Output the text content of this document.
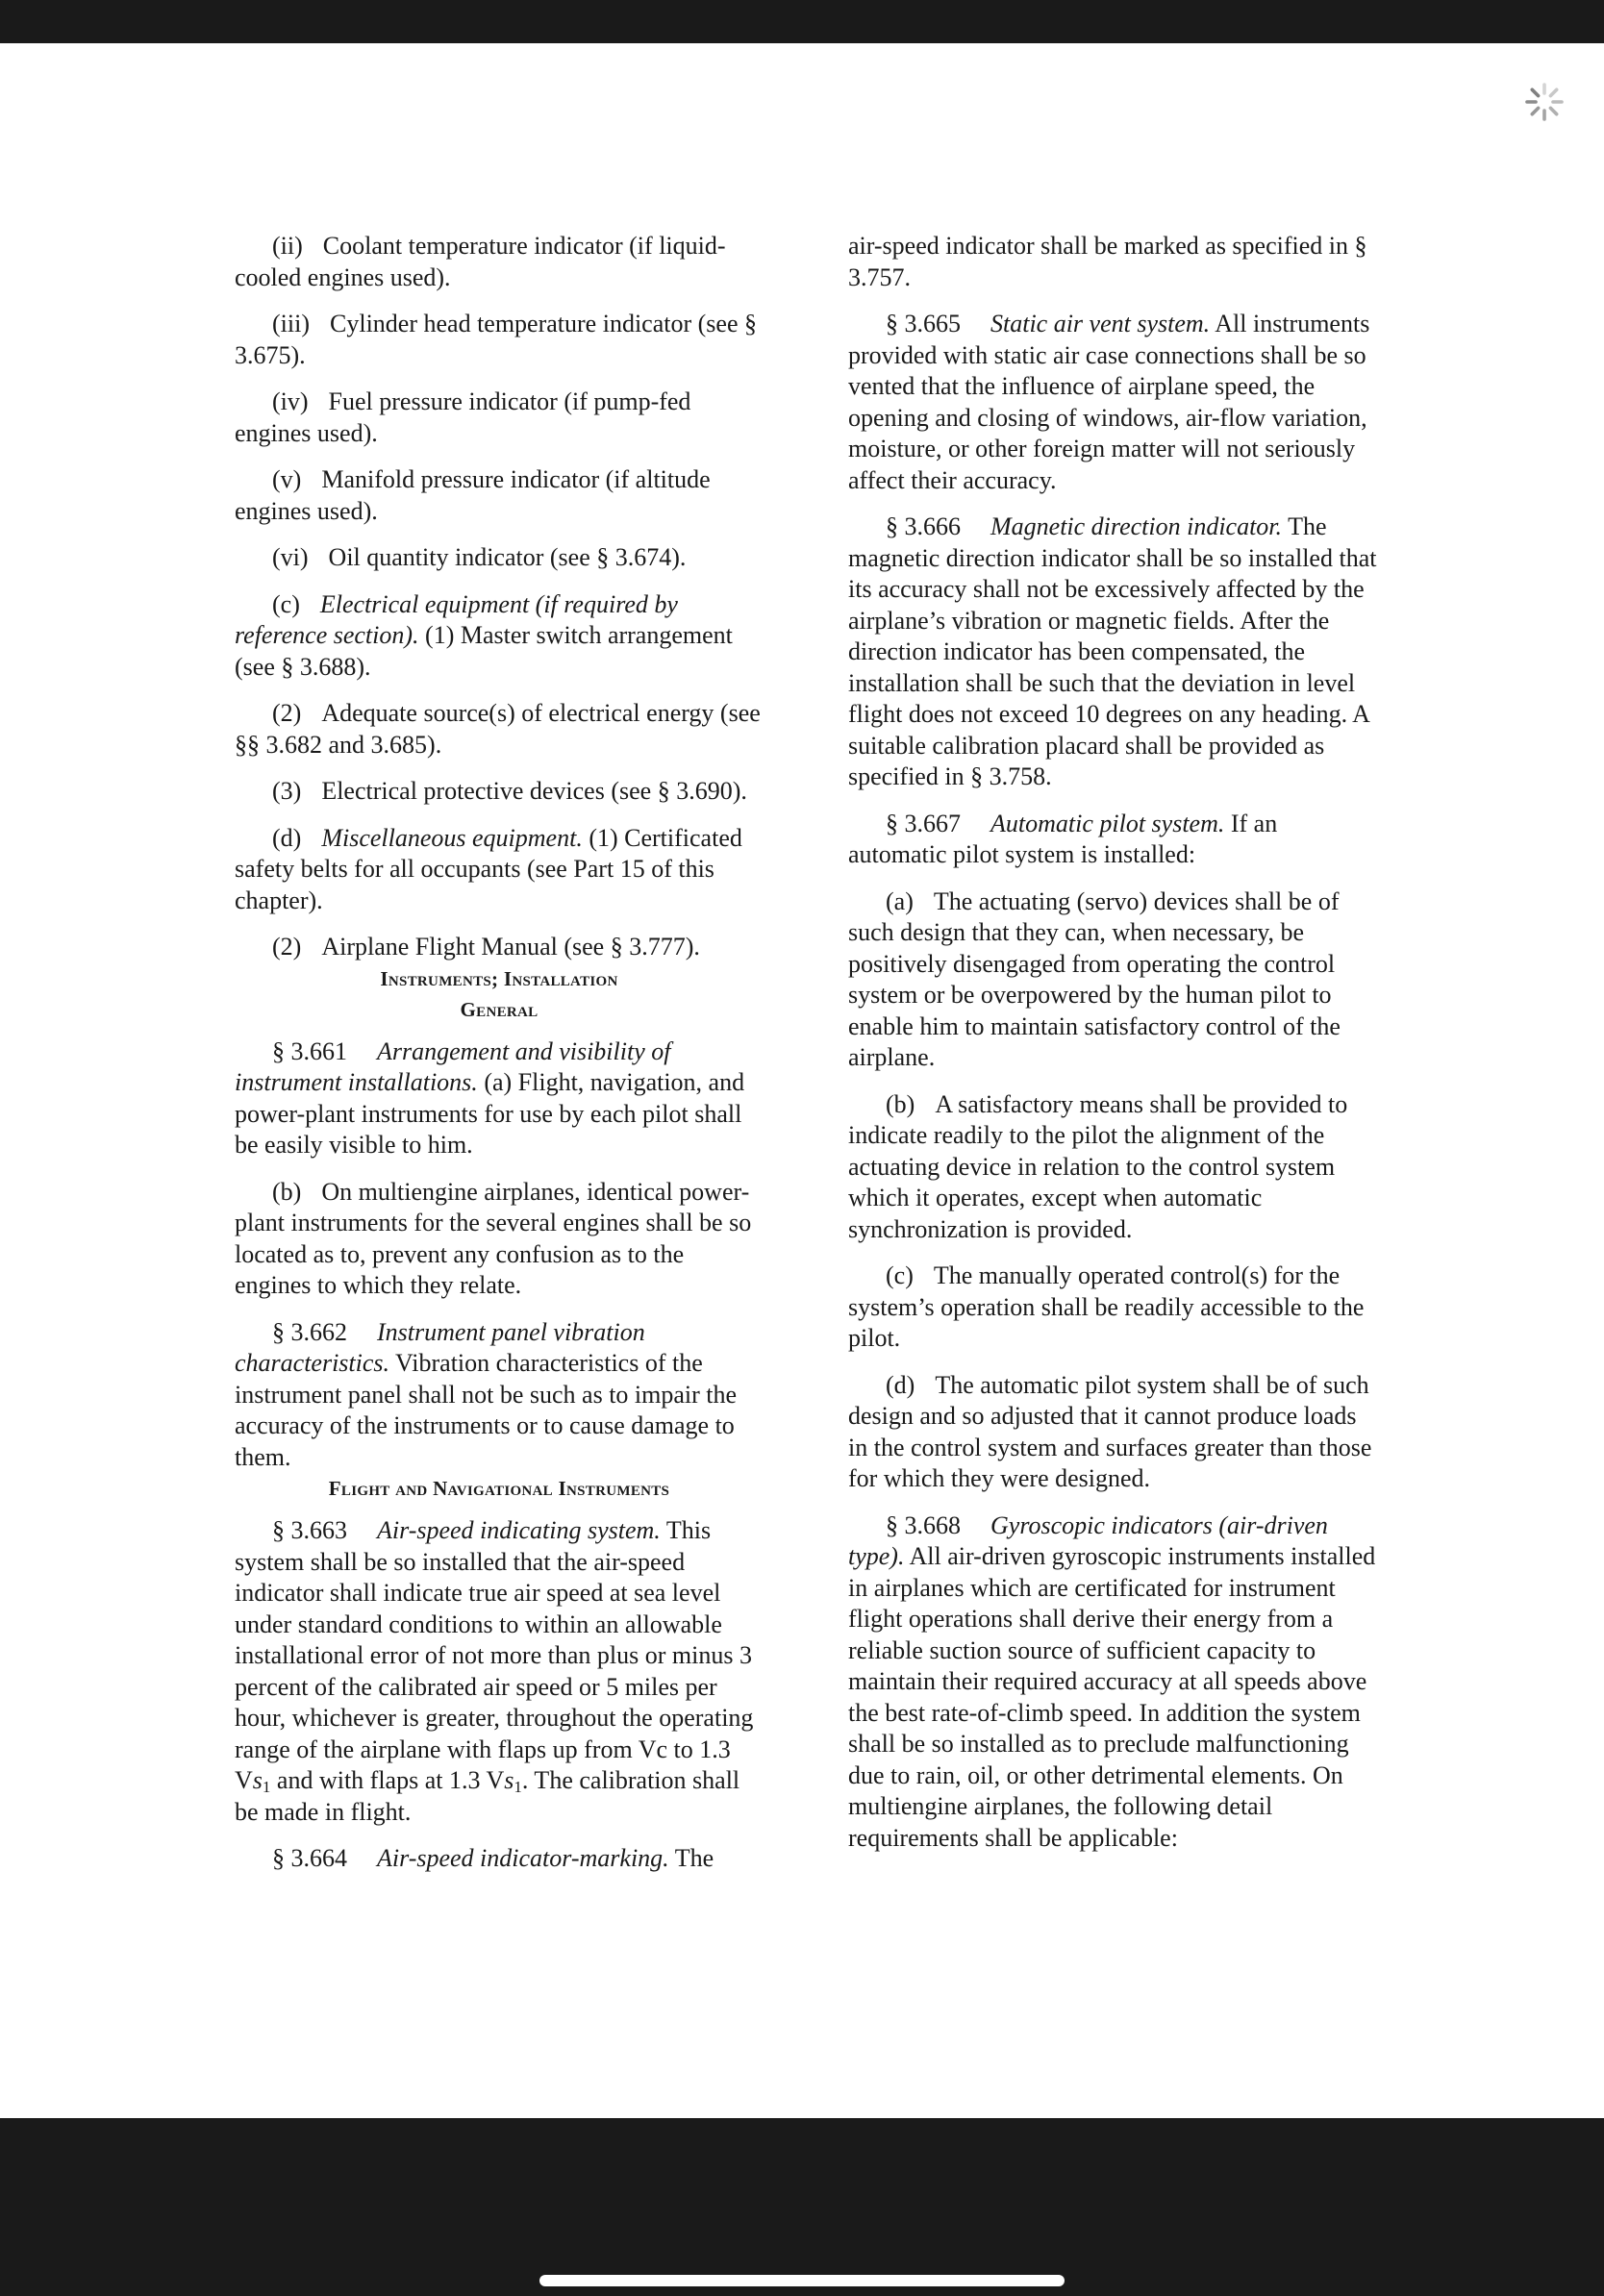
(ii) Coolant temperature indicator (if liquid-cooled engines used).

(iii) Cylinder head temperature indicator (see § 3.675).

(iv) Fuel pressure indicator (if pump-fed engines used).

(v) Manifold pressure indicator (if altitude engines used).

(vi) Oil quantity indicator (see § 3.674).

(c) Electrical equipment (if required by reference section). (1) Master switch arrangement (see § 3.688).

(2) Adequate source(s) of electrical energy (see §§ 3.682 and 3.685).

(3) Electrical protective devices (see § 3.690).

(d) Miscellaneous equipment. (1) Certificated safety belts for all occupants (see Part 15 of this chapter).

(2) Airplane Flight Manual (see § 3.777).

Instruments; Installation
General

§ 3.661 Arrangement and visibility of instrument installations. (a) Flight, navigation, and power-plant instruments for use by each pilot shall be easily visible to him.

(b) On multiengine airplanes, identical power-plant instruments for the several engines shall be so located as to, prevent any confusion as to the engines to which they relate.

§ 3.662 Instrument panel vibration characteristics. Vibration characteristics of the instrument panel shall not be such as to impair the accuracy of the instruments or to cause damage to them.

Flight and Navigational Instruments

§ 3.663 Air-speed indicating system. This system shall be so installed that the air-speed indicator shall indicate true air speed at sea level under standard conditions to within an allowable installational error of not more than plus or minus 3 percent of the calibrated air speed or 5 miles per hour, whichever is greater, throughout the operating range of the airplane with flaps up from Vc to 1.3 $Vs_1$ and with flaps at 1.3 $Vs_1$. The calibration shall be made in flight.

§ 3.664 Air-speed indicator-marking. The

air-speed indicator shall be marked as specified in § 3.757.

§ 3.665 Static air vent system. All instruments provided with static air case connections shall be so vented that the influence of airplane speed, the opening and closing of windows, air-flow variation, moisture, or other foreign matter will not seriously affect their accuracy.

§ 3.666 Magnetic direction indicator. The magnetic direction indicator shall be so installed that its accuracy shall not be excessively affected by the airplane’s vibration or magnetic fields. After the direction indicator has been compensated, the installation shall be such that the deviation in level flight does not exceed 10 degrees on any heading. A suitable calibration placard shall be provided as specified in § 3.758.

§ 3.667 Automatic pilot system. If an automatic pilot system is installed:

(a) The actuating (servo) devices shall be of such design that they can, when necessary, be positively disengaged from operating the control system or be overpowered by the human pilot to enable him to maintain satisfactory control of the airplane.

(b) A satisfactory means shall be provided to indicate readily to the pilot the alignment of the actuating device in relation to the control system which it operates, except when automatic synchronization is provided.

(c) The manually operated control(s) for the system’s operation shall be readily accessible to the pilot.

(d) The automatic pilot system shall be of such design and so adjusted that it cannot produce loads in the control system and surfaces greater than those for which they were designed.

§ 3.668 Gyroscopic indicators (air-driven type). All air-driven gyroscopic instruments installed in airplanes which are certificated for instrument flight operations shall derive their energy from a reliable suction source of sufficient capacity to maintain their required accuracy at all speeds above the best rate-of-climb speed. In addition the system shall be so installed as to preclude malfunctioning due to rain, oil, or other detrimental elements. On multiengine airplanes, the following detail requirements shall be applicable:
